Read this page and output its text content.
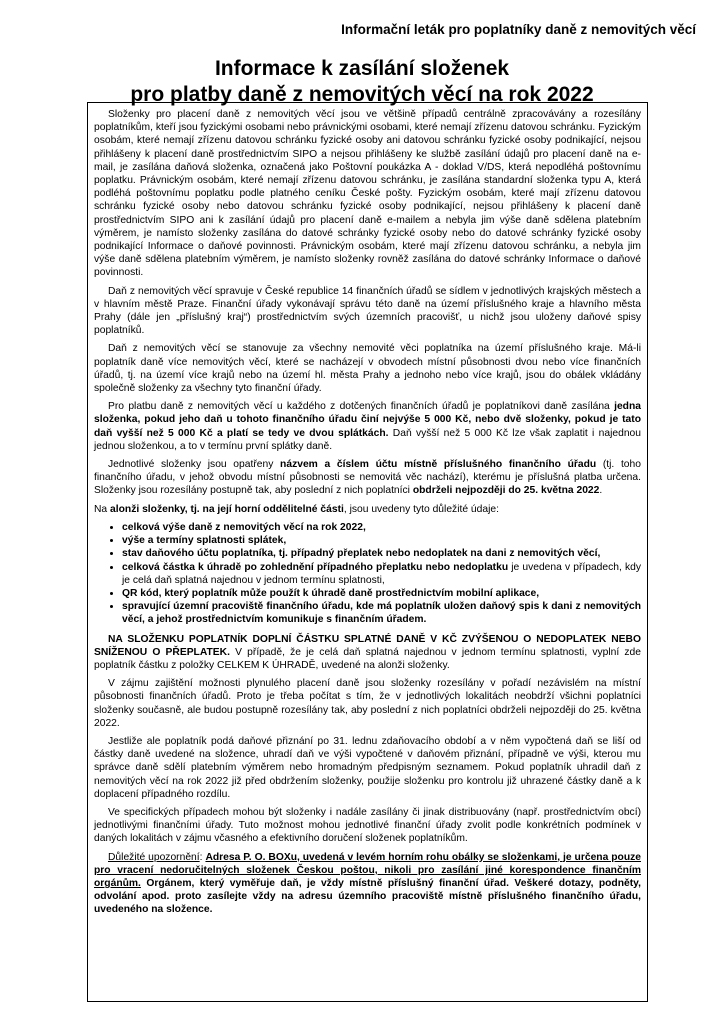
Informační leták pro poplatníky daně z nemovitých věcí
Informace k zasílání složenek
pro platby daně z nemovitých věcí na rok 2022

Složenky pro placení daně z nemovitých věcí jsou ve většině případů centrálně zpracovávány a rozesílány poplatníkům, kteří jsou fyzickými osobami nebo právnickými osobami, které nemají zřízenu datovou schránku. Fyzickým osobám, které nemají zřízenu datovou schránku fyzické osoby ani datovou schránku fyzické osoby podnikající, nejsou přihlášeny k placení daně prostřednictvím SIPO a nejsou přihlášeny ke službě zasílání údajů pro placení daně na e-mail, je zasílána daňová složenka, označená jako Poštovní poukázka A - doklad V/DS, která nepodléhá poštovnímu poplatku. Právnickým osobám, které nemají zřízenu datovou schránku, je zasílána standardní složenka typu A, která podléhá poštovnímu poplatku podle platného ceníku České pošty. Fyzickým osobám, které mají zřízenu datovou schránku fyzické osoby nebo datovou schránku fyzické osoby podnikající, nejsou přihlášeny k placení daně prostřednictvím SIPO ani k zasílání údajů pro placení daně e-mailem a nebyla jim výše daně sdělena platebním výměrem, je namísto složenky zasílána do datové schránky fyzické osoby nebo do datové schránky fyzické osoby podnikající Informace o daňové povinnosti. Právnickým osobám, které mají zřízenu datovou schránku, a nebyla jim výše daně sdělena platebním výměrem, je namísto složenky rovněž zasílána do datové schránky Informace o daňové povinnosti.

Daň z nemovitých věcí spravuje v České republice 14 finančních úřadů se sídlem v jednotlivých krajských městech a v hlavním městě Praze. Finanční úřady vykonávají správu této daně na území příslušného kraje a hlavního města Prahy (dále jen „příslušný kraj“) prostřednictvím svých územních pracovišť, u nichž jsou uloženy daňové spisy poplatníků.

Daň z nemovitých věcí se stanovuje za všechny nemovité věci poplatníka na území příslušného kraje. Má-li poplatník daně více nemovitých věcí, které se nacházejí v obvodech místní působnosti dvou nebo více finančních úřadů, tj. na území více krajů nebo na území hl. města Prahy a jednoho nebo více krajů, jsou do obálek vkládány společně složenky za všechny tyto finanční úřady.

Pro platbu daně z nemovitých věcí u každého z dotčených finančních úřadů je poplatníkovi daně zasílána jedna složenka, pokud jeho daň u tohoto finančního úřadu činí nejvýše 5 000 Kč, nebo dvě složenky, pokud je tato daň vyšší než 5 000 Kč a platí se tedy ve dvou splátkách. Daň vyšší než 5 000 Kč lze však zaplatit i najednou jednou složenkou, a to v termínu první splátky daně.

Jednotlivé složenky jsou opatřeny názvem a číslem účtu místně příslušného finančního úřadu (tj. toho finančního úřadu, v jehož obvodu místní působnosti se nemovitá věc nachází), kterému je příslušná platba určena. Složenky jsou rozesílány postupně tak, aby poslední z nich poplatníci obdrželi nejpozději do 25. května 2022.

Na alonži složenky, tj. na její horní oddělitelné části, jsou uvedeny tyto důležité údaje:

• celková výše daně z nemovitých věcí na rok 2022,
• výše a termíny splatnosti splátek,
• stav daňového účtu poplatníka, tj. případný přeplatek nebo nedoplatek na dani z nemovitých věcí,
• celková částka k úhradě po zohlednění případného přeplatku nebo nedoplatku je uvedena v případech, kdy je celá daň splatná najednou v jednom termínu splatnosti,
• QR kód, který poplatník může použít k úhradě daně prostřednictvím mobilní aplikace,
• spravující územní pracoviště finančního úřadu, kde má poplatník uložen daňový spis k dani z nemovitých věcí, a jehož prostřednictvím komunikuje s finančním úřadem.

NA SLOŽENKU POPLATNÍK DOPLNÍ ČÁSTKU SPLATNÉ DANĚ V KČ ZVÝŠENOU O NEDOPLATEK NEBO SNÍŽENOU O PŘEPLATEK. V případě, že je celá daň splatná najednou v jednom termínu splatnosti, vyplní zde poplatník částku z položky CELKEM K ÚHRADĚ, uvedené na alonži složenky.

V zájmu zajištění možnosti plynulého placení daně jsou složenky rozesílány v pořadí nezávislém na místní působnosti finančních úřadů. Proto je třeba počítat s tím, že v jednotlivých lokalitách neobdrží všichni poplatníci složenky současně, ale budou postupně rozesílány tak, aby poslední z nich poplatníci obdrželi nejpozději do 25. května 2022.

Jestliže ale poplatník podá daňové přiznání po 31. lednu zdaňovacího období a v něm vypočtená daň se liší od částky daně uvedené na složence, uhradí daň ve výši vypočtené v daňovém přiznání, případně ve výši, kterou mu správce daně sdělí platebním výměrem nebo hromadným předpisným seznamem. Pokud poplatník uhradil daň z nemovitých věcí na rok 2022 již před obdržením složenky, použije složenku pro kontrolu již uhrazené částky daně a k doplacení případného rozdílu.

Ve specifických případech mohou být složenky i nadále zasílány či jinak distribuovány (např. prostřednictvím obcí) jednotlivými finančními úřady. Tuto možnost mohou jednotlivé finanční úřady zvolit podle konkrétních podmínek v daných lokalitách v zájmu včasného a efektivního doručení složenek poplatníkům.

Důležité upozornění: Adresa P. O. BOXu, uvedená v levém horním rohu obálky se složenkami, je určena pouze pro vracení nedoručitelných složenek Českou poštou, nikoli pro zasílání jiné korespondence finančním orgánům. Orgánem, který vyměřuje daň, je vždy místně příslušný finanční úřad. Veškeré dotazy, podněty, odvolání apod. proto zasílejte vždy na adresu územního pracoviště místně příslušného finančního úřadu, uvedeného na složence.
